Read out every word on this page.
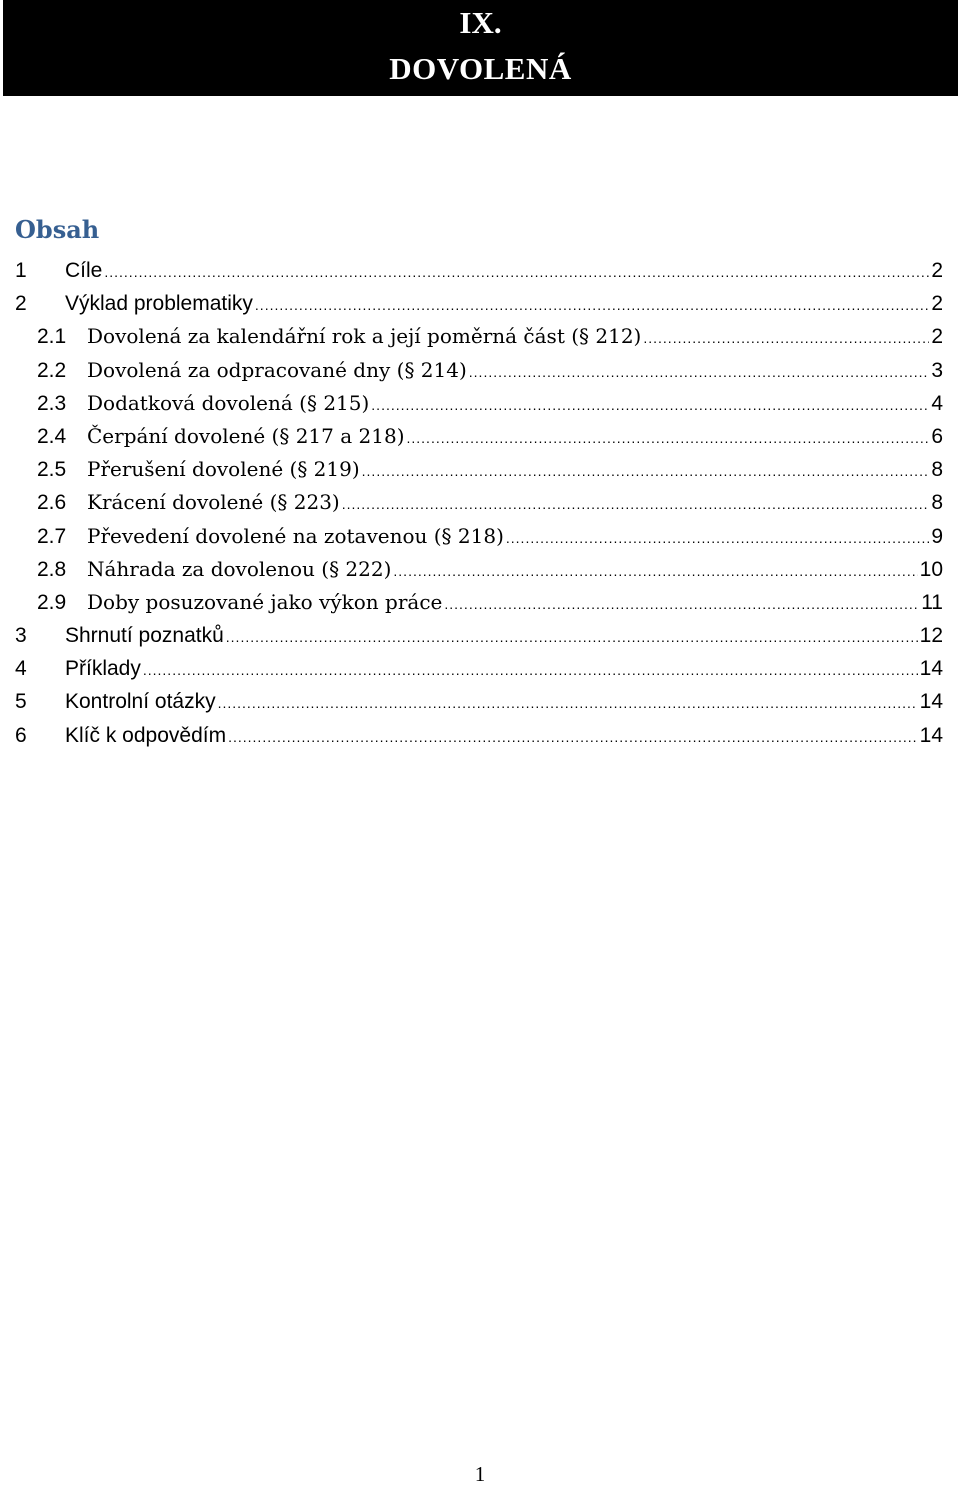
IX.
DOVOLENÁ
Obsah
1	Cíle .....	2
2	Výklad problematiky .....	2
2.1	Dovolená za kalendářní rok a její poměrná část (§ 212) .....	2
2.2	Dovolená za odpracované dny (§ 214) .....	3
2.3	Dodatková dovolená (§ 215) .....	4
2.4	Čerpání dovolené (§ 217 a 218) .....	6
2.5	Přerušení dovolené (§ 219) .....	8
2.6	Krácení dovolené (§ 223) .....	8
2.7	Převedení dovolené na zotavenou (§ 218) .....	9
2.8	Náhrada za dovolenou (§ 222) .....	10
2.9	Doby posuzované jako výkon práce .....	11
3	Shrnutí poznatků .....	12
4	Příklady .....	14
5	Kontrolní otázky .....	14
6	Klíč k odpovědím .....	14
1
